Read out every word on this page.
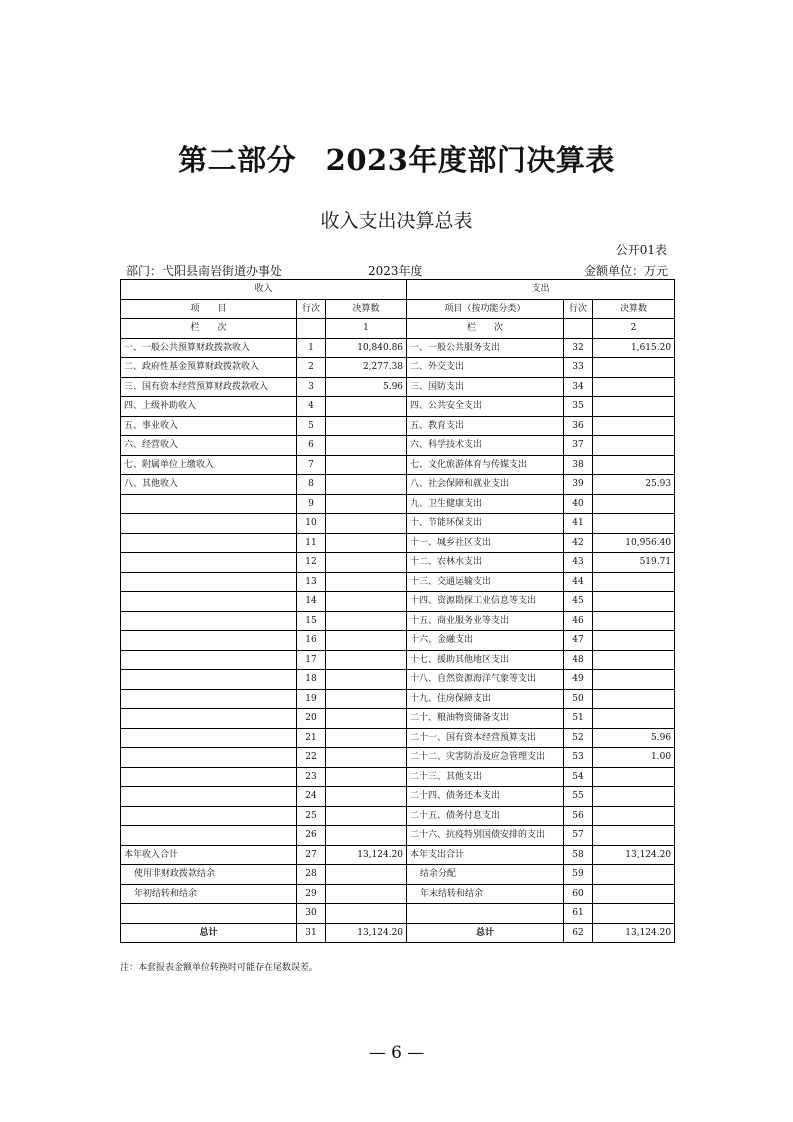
第二部分　2023年度部门决算表
收入支出决算总表
公开01表
部门：弋阳县南岩街道办事处	2023年度	金额单位：万元
收入			支出		
项　　目	行次	决算数	项目（按功能分类）	行次	决算数
栏　　次		1	栏　　次		2
一、一般公共预算财政拨款收入	1	10,840.86	一、一般公共服务支出	32	1,615.20
二、政府性基金预算财政拨款收入	2	2,277.38	二、外交支出	33	
三、国有资本经营预算财政拨款收入	3	5.96	三、国防支出	34	
四、上级补助收入	4		四、公共安全支出	35	
五、事业收入	5		五、教育支出	36	
六、经营收入	6		六、科学技术支出	37	
七、附属单位上缴收入	7		七、文化旅游体育与传媒支出	38	
八、其他收入	8		八、社会保障和就业支出	39	25.93
	9		九、卫生健康支出	40	
	10		十、节能环保支出	41	
	11		十一、城乡社区支出	42	10,956.40
	12		十二、农林水支出	43	519.71
	13		十三、交通运输支出	44	
	14		十四、资源勘探工业信息等支出	45	
	15		十五、商业服务业等支出	46	
	16		十六、金融支出	47	
	17		十七、援助其他地区支出	48	
	18		十八、自然资源海洋气象等支出	49	
	19		十九、住房保障支出	50	
	20		二十、粮油物资储备支出	51	
	21		二十一、国有资本经营预算支出	52	5.96
	22		二十二、灾害防治及应急管理支出	53	1.00
	23		二十三、其他支出	54	
	24		二十四、债务还本支出	55	
	25		二十五、债务付息支出	56	
	26		二十六、抗疫特别国债安排的支出	57	
本年收入合计	27	13,124.20	本年支出合计	58	13,124.20
使用非财政拨款结余	28		结余分配	59	
年初结转和结余	29		年末结转和结余	60	
	30			61	
总计	31	13,124.20	总计	62	13,124.20
注：本套报表金额单位转换时可能存在尾数误差。
— 6 —
